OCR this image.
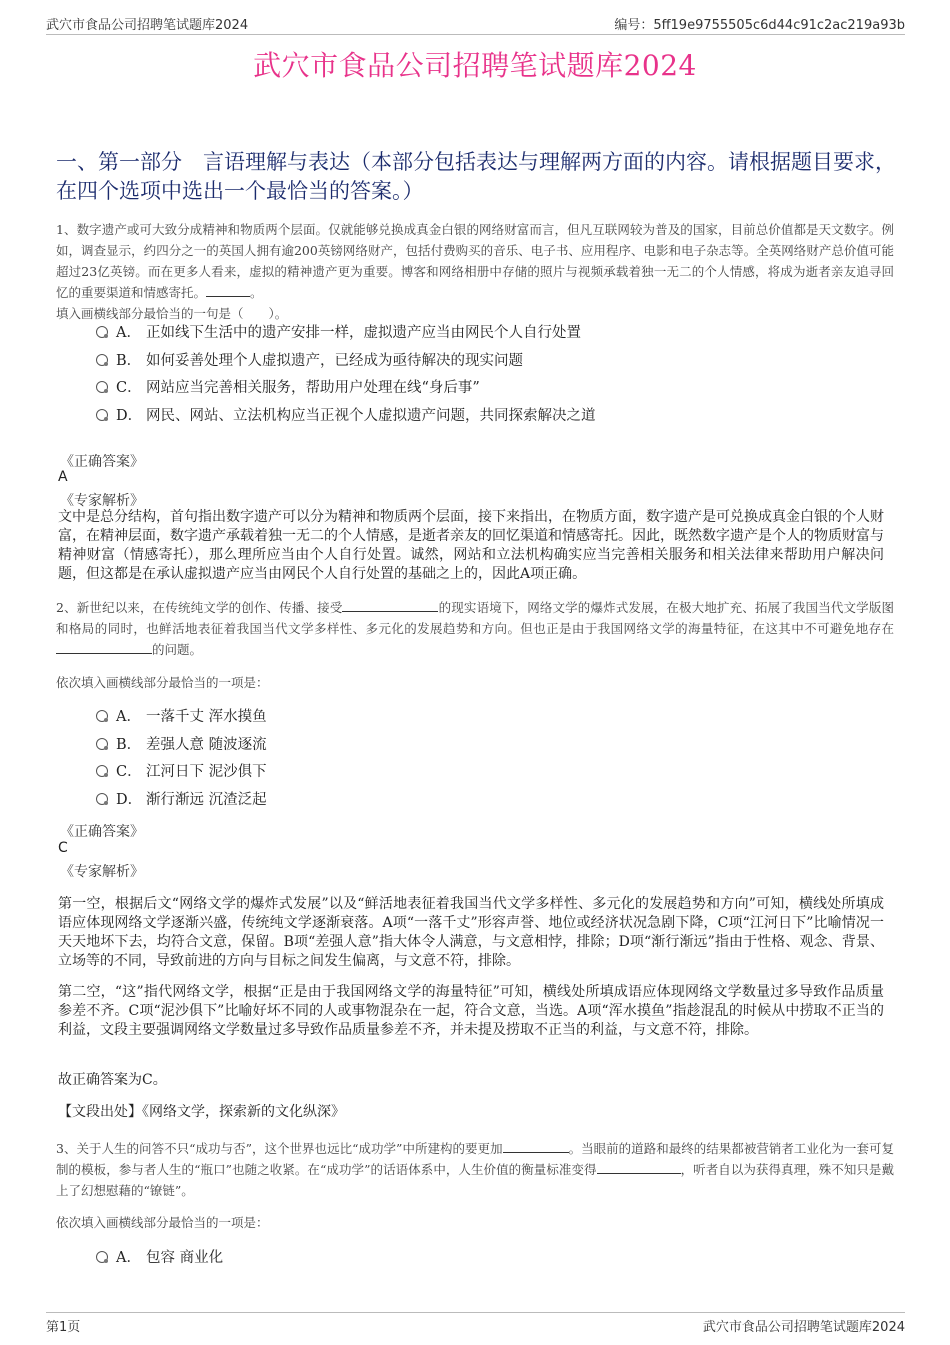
武穴市食品公司招聘笔试题库2024	编号：5ff19e9755505c6d44c91c2ac219a93b
武穴市食品公司招聘笔试题库2024
一、第一部分　言语理解与表达（本部分包括表达与理解两方面的内容。请根据题目要求，在四个选项中选出一个最恰当的答案。）
1、数字遗产或可大致分成精神和物质两个层面。仅就能够兑换成真金白银的网络财富而言，但凡互联网较为普及的国家，目前总价值都是天文数字。例如，调查显示，约四分之一的英国人拥有逾200英镑网络财产，包括付费购买的音乐、电子书、应用程序、电影和电子杂志等。全英网络财产总价值可能超过23亿英镑。而在更多人看来，虚拟的精神遗产更为重要。博客和网络相册中存储的照片与视频承载着独一无二的个人情感，将成为逝者亲友追寻回忆的重要渠道和情感寄托。	。
填入画横线部分最恰当的一句是（　　）。
A． 正如线下生活中的遗产安排一样，虚拟遗产应当由网民个人自行处置
B． 如何妥善处理个人虚拟遗产，已经成为亟待解决的现实问题
C． 网站应当完善相关服务，帮助用户处理在线“身后事”
D． 网民、网站、立法机构应当正视个人虚拟遗产问题，共同探索解决之道
《正确答案》
A
《专家解析》
文中是总分结构，首句指出数字遗产可以分为精神和物质两个层面，接下来指出，在物质方面，数字遗产是可兑换成真金白银的个人财富，在精神层面，数字遗产承载着独一无二的个人情感，是逝者亲友的回忆渠道和情感寄托。因此，既然数字遗产是个人的物质财富与精神财富（情感寄托），那么理所应当由个人自行处置。诚然，网站和立法机构确实应当完善相关服务和相关法律来帮助用户解决问题，但这都是在承认虚拟遗产应当由网民个人自行处置的基础之上的，因此A项正确。
2、新世纪以来，在传统纯文学的创作、传播、接受	的现实语境下，网络文学的爆炸式发展，在极大地扩充、拓展了我国当代文学版图和格局的同时，也鲜活地表征着我国当代文学多样性、多元化的发展趋势和方向。但也正是由于我国网络文学的海量特征，在这其中不可避免地存在的问题。
依次填入画横线部分最恰当的一项是：
A． 一落千丈 浑水摸鱼
B． 差强人意 随波逐流
C． 江河日下 泥沙俱下
D． 渐行渐远 沉渣泛起
《正确答案》
C
《专家解析》
第一空，根据后文“网络文学的爆炸式发展”以及“鲜活地表征着我国当代文学多样性、多元化的发展趋势和方向”可知，横线处所填成语应体现网络文学逐渐兴盛，传统纯文学逐渐衰落。A项“一落千丈”形容声誉、地位或经济状况急剧下降，C项“江河日下”比喻情况一天天地坏下去，均符合文意，保留。B项“差强人意”指大体令人满意，与文意相悖，排除；D项“渐行渐远”指由于性格、观念、背景、立场等的不同，导致前进的方向与目标之间发生偏离，与文意不符，排除。
第二空，“这”指代网络文学，根据“正是由于我国网络文学的海量特征”可知，横线处所填成语应体现网络文学数量过多导致作品质量参差不齐。C项“泥沙俱下”比喻好坏不同的人或事物混杂在一起，符合文意，当选。A项“浑水摸鱼”指趁混乱的时候从中捞取不正当的利益，文段主要强调网络文学数量过多导致作品质量参差不齐，并未提及捞取不正当的利益，与文意不符，排除。
故正确答案为C。
【文段出处】《网络文学，探索新的文化纵深》
3、关于人生的问答不只“成功与否”，这个世界也远比“成功学”中所建构的要更加	。当眼前的道路和最终的结果都被营销者工业化为一套可复制的模板，参与者人生的“瓶口”也随之收紧。在“成功学”的话语体系中，人生价值的衡量标准变得	，听者自以为获得真理，殊不知只是戴上了幻想慰藉的“镣链”。
依次填入画横线部分最恰当的一项是：
A． 包容 商业化
第1页	武穴市食品公司招聘笔试题库2024
